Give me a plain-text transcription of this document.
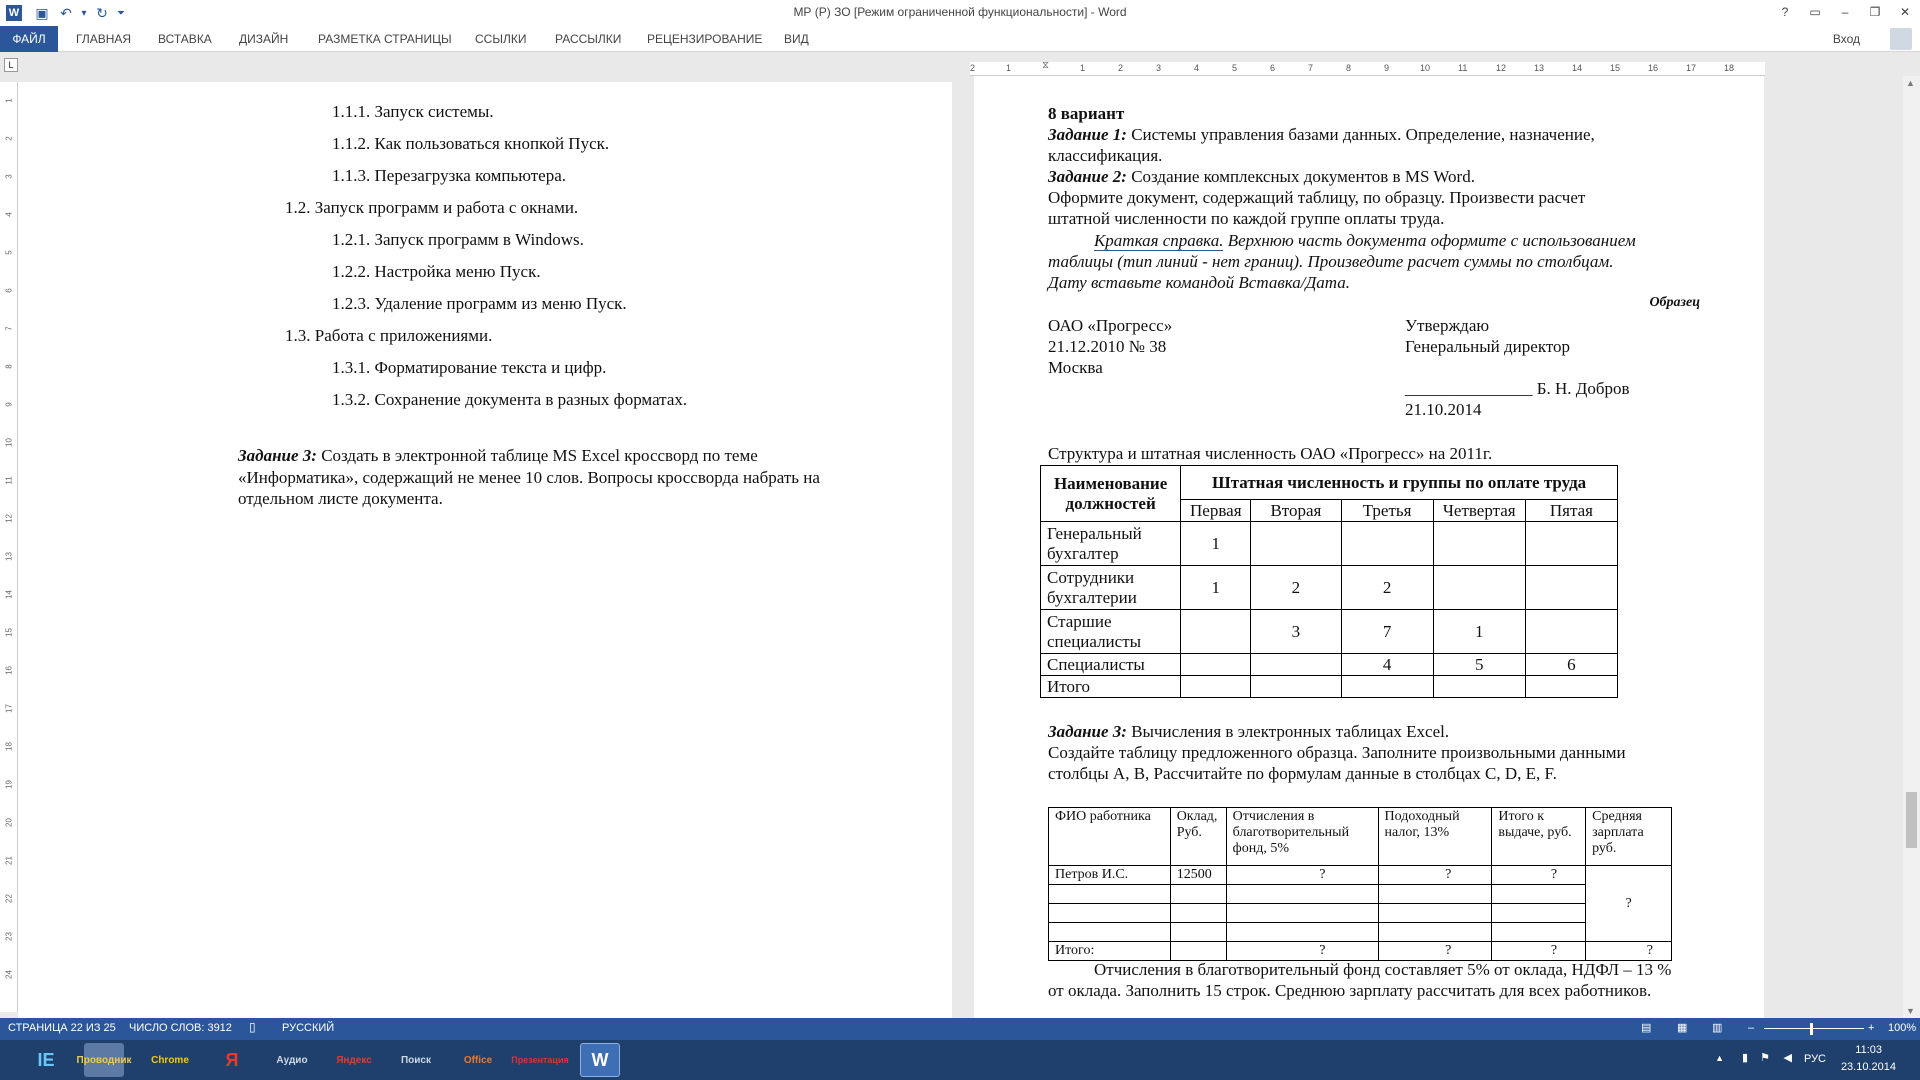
W	▣ ↶ ▾ ↻ ⏷	МР (Р) ЗО [Режим ограниченной функциональности] - Word	?	▭	–	❐	✕
ФАЙЛ	ГЛАВНАЯ	ВСТАВКА	ДИЗАЙН	РАЗМЕТКА СТРАНИЦЫ	ССЫЛКИ	РАССЫЛКИ	РЕЦЕНЗИРОВАНИЕ	ВИД	Вход
L	2	1	1	2	3	4	5	6	7	8	9	10	11	12	13	14	15	16	17	18
⧖
1
2
3
4
5
6
7
8
9
10
11
12
13
14
15
16
17
18
19
20
21
22
23
24
1.1.1. Запуск системы.
1.1.2. Как пользоваться кнопкой Пуск.
1.1.3. Перезагрузка компьютера.
1.2. Запуск программ и работа с окнами.
1.2.1. Запуск программ в Windows.
1.2.2. Настройка меню Пуск.
1.2.3. Удаление программ из меню Пуск.
1.3. Работа с приложениями.
1.3.1. Форматирование текста и цифр.
1.3.2. Сохранение документа в разных форматах.
Задание 3: Создать в электронной таблице MS Excel кроссворд по теме
«Информатика», содержащий не менее 10 слов. Вопросы кроссворда набрать на
отдельном листе документа.
8 вариант
Задание 1: Системы управления базами данных. Определение, назначение,
классификация.
Задание 2: Создание комплексных документов в MS Word.
Оформите документ, содержащий таблицу, по образцу. Произвести расчет
штатной численности по каждой группе оплаты труда.
Краткая справка. Верхнюю часть документа оформите с использованием
таблицы (тип линий - нет границ). Произведите расчет суммы по столбцам.
Дату вставьте командой Вставка/Дата.
Образец
ОАО «Прогресс»
21.12.2010 № 38
Москва
Утверждаю
Генеральный директор
_______________ Б. Н. Добров
21.10.2014
Структура и штатная численность ОАО «Прогресс» на 2011г.
Наименование должностей	Штатная численность и группы по оплате труда				
	Первая	Вторая	Третья	Четвертая	Пятая
Генеральный бухгалтер	1				
Сотрудники бухгалтерии	1	2	2		
Старшие специалисты		3	7	1	
Специалисты			4	5	6
Итого					
Задание 3: Вычисления в электронных таблицах Excel.
Создайте таблицу предложенного образца. Заполните произвольными данными
столбцы А, В, Рассчитайте по формулам данные в столбцах C, D, E, F.
ФИО работника	Оклад, Руб.	Отчисления в благотворительный фонд, 5%	Подоходный налог, 13%	Итого к выдаче, руб.	Средняя зарплата руб.
Петров И.С.	12500	?	?	?	?

Итого:		?	?	?	?
Отчисления в благотворительный фонд составляет 5% от оклада, НДФЛ – 13 %
от оклада. Заполнить 15 строк. Среднюю зарплату рассчитать для всех работников.
▲
▼
СТРАНИЦА 22 ИЗ 25 ЧИСЛО СЛОВ: 3912 ▯ РУССКИЙ	▤ ▦ ▥ –	+ 100%
IE	Проводник Chrome	Я	Аудио	Яндекс	Поиск	Office	Презентация	W	▲ ▮ ⚑ ◀ РУС
11:03
23.10.2014
